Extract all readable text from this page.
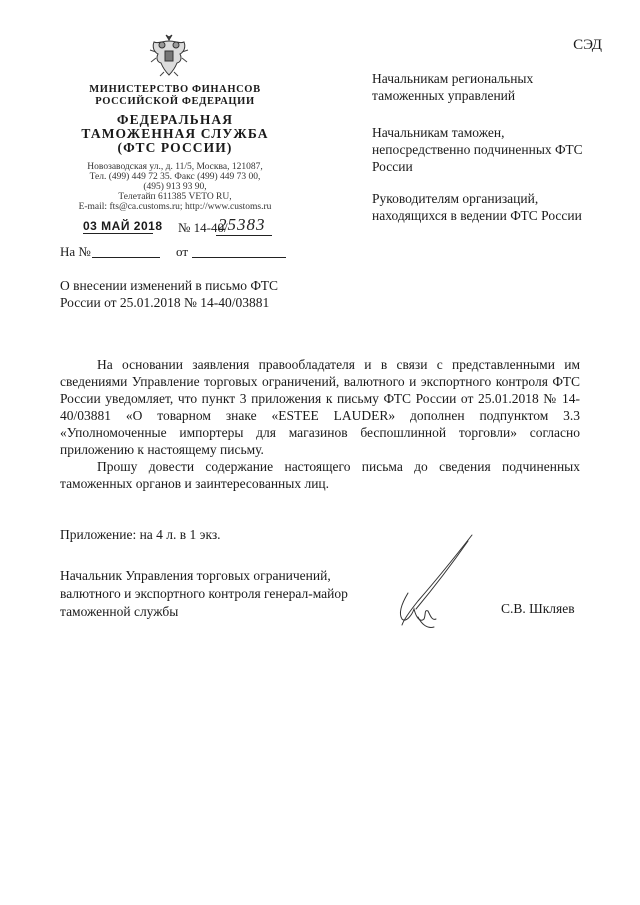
СЭД
МИНИСТЕРСТВО ФИНАНСОВ
РОССИЙСКОЙ ФЕДЕРАЦИИ
ФЕДЕРАЛЬНАЯ
ТАМОЖЕННАЯ СЛУЖБА
(ФТС РОССИИ)
Новозаводская ул., д. 11/5, Москва, 121087,
Тел. (499) 449 72 35. Факс (499) 449 73 00,
(495) 913 93 90,
Телетайп 611385 VETO RU,
E-mail: fts@ca.customs.ru; http://www.customs.ru
03 МАЙ 2018 № 14-40/
25383
На №	от
Начальникам региональных таможенных управлений
Начальникам таможен, непосредственно подчиненных ФТС России
Руководителям организаций, находящихся в ведении ФТС России
О внесении изменений в письмо ФТС России от 25.01.2018 № 14-40/03881
На основании заявления правообладателя и в связи с представленными им сведениями Управление торговых ограничений, валютного и экспортного контроля ФТС России уведомляет, что пункт 3 приложения к письму ФТС России от 25.01.2018 № 14-40/03881 «О товарном знаке «ESTEE LAUDER» дополнен подпунктом 3.3 «Уполномоченные импортеры для магазинов беспошлинной торговли» согласно приложению к настоящему письму.
Прошу довести содержание настоящего письма до сведения подчиненных таможенных органов и заинтересованных лиц.
Приложение: на 4 л. в 1 экз.
Начальник Управления торговых ограничений, валютного и экспортного контроля генерал-майор таможенной службы	С.В. Шкляев
